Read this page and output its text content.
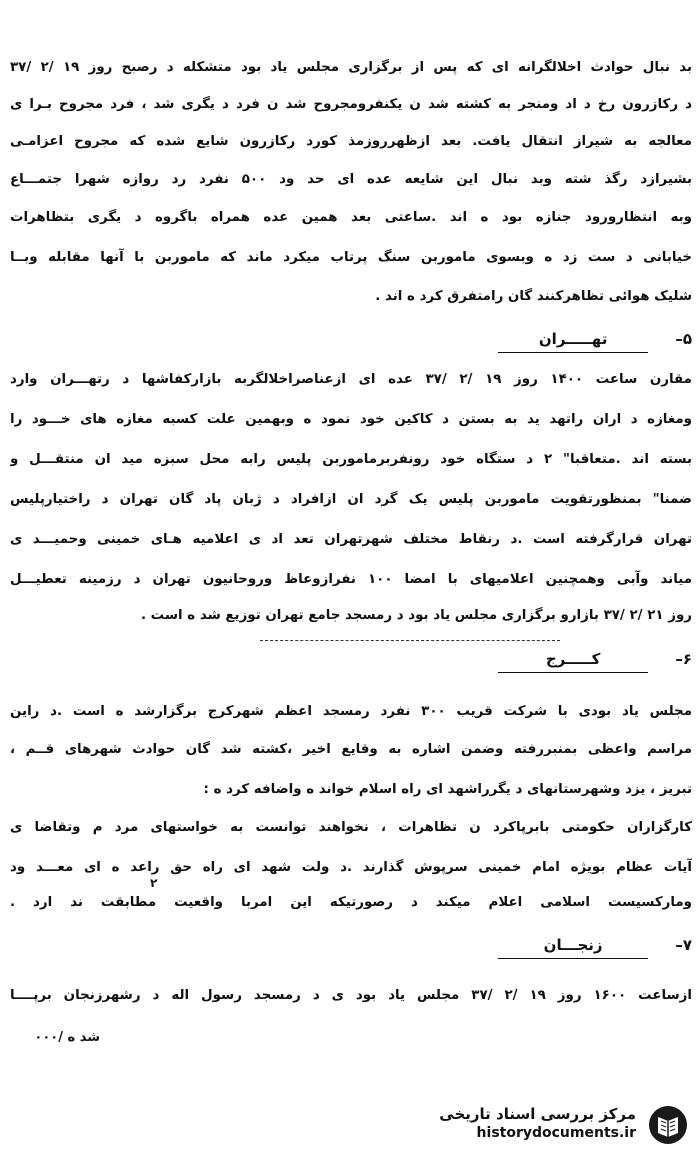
بد نبال حوادث اخلالگرانه ای که پس از برگزاری مجلس یاد بود متشکله د رصبح روز ۱۹ /۲ /۳۷
د رکازرون رخ د اد ومنجر به کشته شد ن یکنفرومجروح شد ن فرد د یگری شد ، فرد مجروح بـرا ی
معالجه به شیراز انتقال یافت. بعد ازظهرروزمذ کورد رکازرون شایع شده که مجروح اعزامـی
بشیرازد رگذ شته وبد نبال این شایعه عده ای حد ود ۵۰۰ نفرد رد روازه شهرا جتمـــاع
وبه انتظارورود جنازه بود ه اند .ساعتی بعد همین عده همراه باگروه د یگری بتظاهرات
خیابانی د ست زد ه وبسوی ماموربن سنگ پرتاب میکرد ماند که ماموربن با آنها مقابله وبــا
شلیک هوائی تظاهرکنند گان رامتفرق کرد ه اند .
۵– تهـــــران
مقارن ساعت ۱۴۰۰ روز ۱۹ /۲ /۳۷ عده ای ازعناصراخلالگربه بازارکفاشها د رتهـــران وارد
ومغازه د اران راتهد ید به بستن د کاکین خود نمود ه وبهمین علت کسبه مغازه های خـــود را
بسته اند .متعاقبا" ۲ د ستگاه خود رونفربرماموربن پلیس رابه محل سبزه مید ان منتقـــل و
ضمنا" بمنظورتقویت ماموربن پلیس یک گرد ان ازافراد د ژبان پاد گان تهران د راختیارپلیس
تهران قرارگرفته است .د رنقاط مختلف شهرتهران تعد اد ی اعلامیه هـای خمینی وحمیـــد ی
میاند وآبی وهمچنین اعلامیهای با امضا ۱۰۰ نفرازوعاظ وروحانیون تهران د رزمینه تعطیـــل
روز ۲۱ /۲ /۳۷ بازارو برگزاری مجلس یاد بود د رمسجد جامع تهران توزیع شد ه است .
۶– کـــــرج
مجلس یاد بودی با شرکت قریب ۳۰۰ نفرد رمسجد اعظم شهرکرج برگزارشد ه است .د راین
مراسم واعظی بمنبررفته وضمن اشاره به وقایع اخیر ،کشته شد گان حوادث شهرهای قــم ،
تبریز ، یزد وشهرستانهای د یگرراشهد ای راه اسلام خواند ه واضافه کرد ه :
کارگزاران حکومتی بابرپاکرد ن تظاهرات ، نخواهند توانست به خواستهای مرد م وتقاضا ی
آیات عظام بویژه امام خمینی سرپوش گذارند .د ولت شهد ای راه حق راعد ه ای معـــد ود
ومارکسیست اسلامی اعلام میکند د رصورتیکه این امربا واقعیت مطابقت ند ارد .
۲
۷– زنجـــان
ازساعت ۱۶۰۰ روز ۱۹ /۲ /۳۷ مجلس یاد بود ی د رمسجد رسول اله د رشهرزنجان برپــــا
شد ه /۰۰۰
مرکز بررسی اسناد تاریخی
historydocuments.ir
